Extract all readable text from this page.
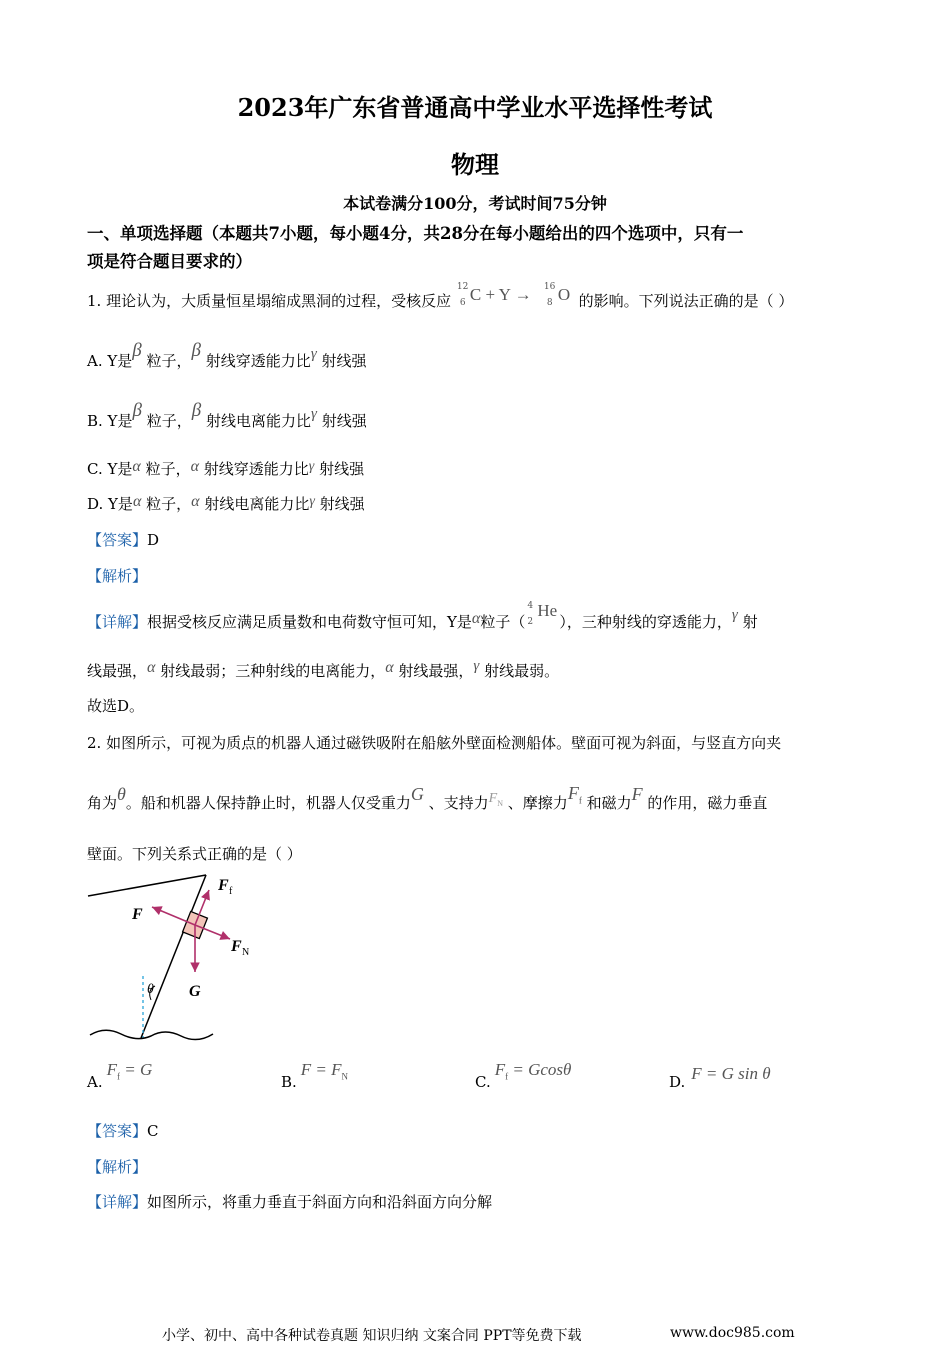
2023年广东省普通高中学业水平选择性考试
物理
本试卷满分100分，考试时间75分钟
一、单项选择题（本题共7小题，每小题4分，共28分在每小题给出的四个选项中，只有一
项是符合题目要求的）
1. 理论认为，大质量恒星塌缩成黑洞的过程，受核反应
12
6 C + Y → 16
8 O 的影响。下列说法正确的是（ ）
A. Y是β 粒子，β 射线穿透能力比γ 射线强
B. Y是β 粒子，β 射线电离能力比γ 射线强
C. Y是α 粒子，α 射线穿透能力比γ 射线强
D. Y是α 粒子，α 射线电离能力比γ 射线强
【答案】D
【解析】
【详解】根据受核反应满足质量数和电荷数守恒可知，Y是α粒子（
4
2
He
），三种射线的穿透能力，γ 射
线最强，α 射线最弱；三种射线的电离能力，α 射线最强，γ 射线最弱。
故选D。
2. 如图所示，可视为质点的机器人通过磁铁吸附在船舷外壁面检测船体。壁面可视为斜面，与竖直方向夹
角为θ。船和机器人保持静止时，机器人仅受重力G 、支持力$F_N$ 、摩擦力$F_f$ 和磁力F 的作用，磁力垂直
壁面。下列关系式正确的是（ ）
F
F f
F N
G
θ
$A.F_f = G$
$B.F = F_N$	$C.F_f = Gcos\theta$
D. F = G sin θ
【答案】C
【解析】
【详解】如图所示，将重力垂直于斜面方向和沿斜面方向分解
小学、初中、高中各种试卷真题 知识归纳 文案合同 PPT等免费下载	www.doc985.com
